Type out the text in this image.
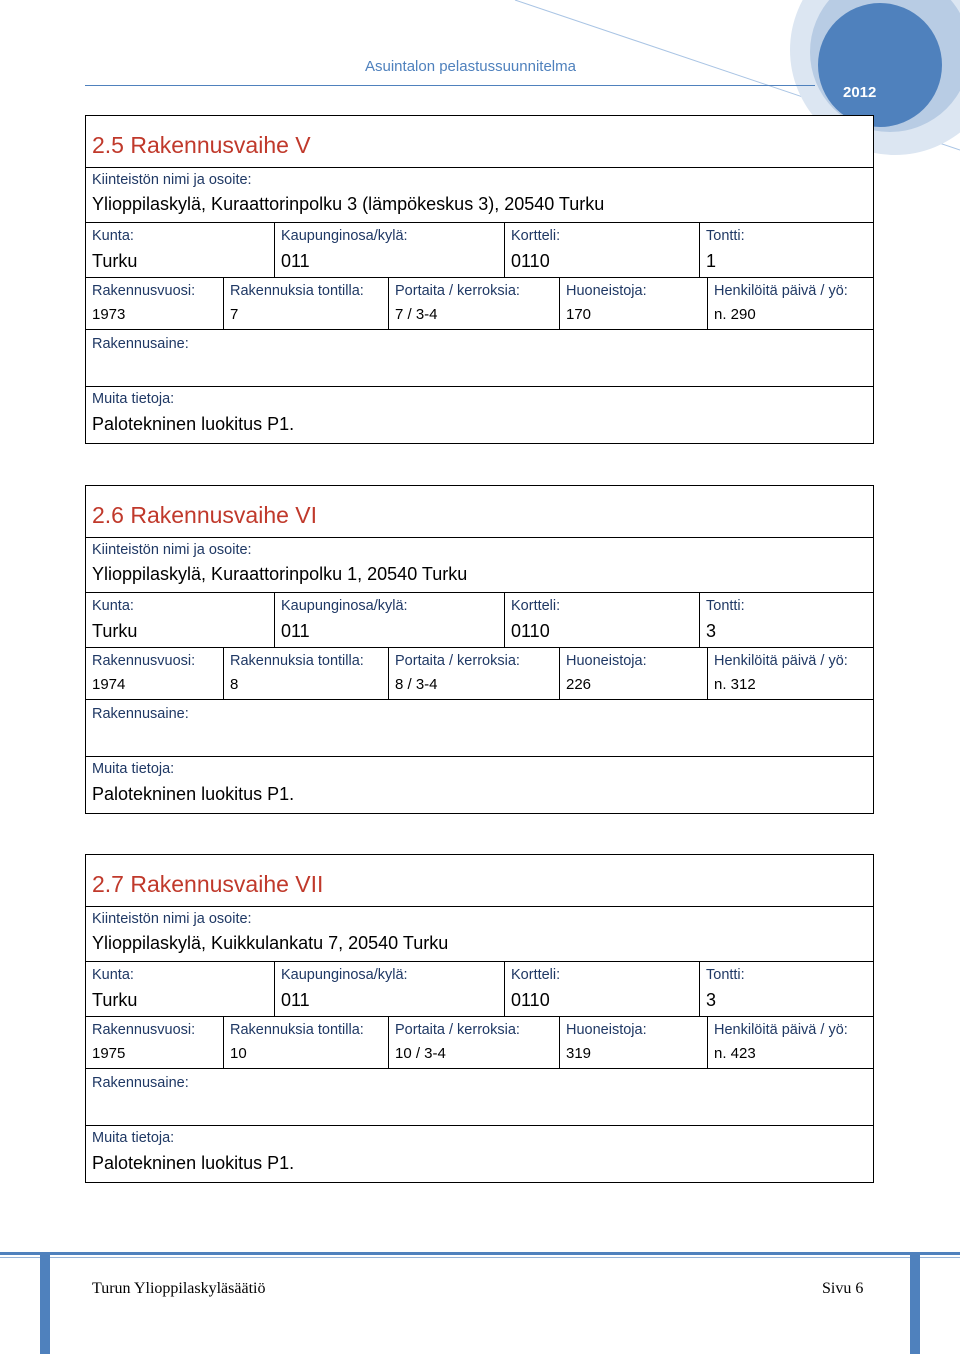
Asuintalon pelastussuunnitelma
2012
2.5 Rakennusvaihe V
Kiinteistön nimi ja osoite:
Ylioppilaskylä, Kuraattorinpolku 3 (lämpökeskus 3), 20540 Turku
Kunta:
Turku
Kaupunginosa/kylä:
011
Kortteli:
0110
Tontti:
1
Rakennusvuosi:
1973
Rakennuksia tontilla:
7
Portaita / kerroksia:
7 / 3-4
Huoneistoja:
170
Henkilöitä päivä / yö:
n. 290
Rakennusaine:
Muita tietoja:
Palotekninen luokitus P1.
2.6 Rakennusvaihe VI
Kiinteistön nimi ja osoite:
Ylioppilaskylä, Kuraattorinpolku 1, 20540 Turku
Kunta:
Turku
Kaupunginosa/kylä:
011
Kortteli:
0110
Tontti:
3
Rakennusvuosi:
1974
Rakennuksia tontilla:
8
Portaita / kerroksia:
8 / 3-4
Huoneistoja:
226
Henkilöitä päivä / yö:
n. 312
Rakennusaine:
Muita tietoja:
Palotekninen luokitus P1.
2.7 Rakennusvaihe VII
Kiinteistön nimi ja osoite:
Ylioppilaskylä, Kuikkulankatu 7, 20540 Turku
Kunta:
Turku
Kaupunginosa/kylä:
011
Kortteli:
0110
Tontti:
3
Rakennusvuosi:
1975
Rakennuksia tontilla:
10
Portaita / kerroksia:
10 / 3-4
Huoneistoja:
319
Henkilöitä päivä / yö:
n. 423
Rakennusaine:
Muita tietoja:
Palotekninen luokitus P1.
Turun Ylioppilaskyläsäätiö	Sivu 6
